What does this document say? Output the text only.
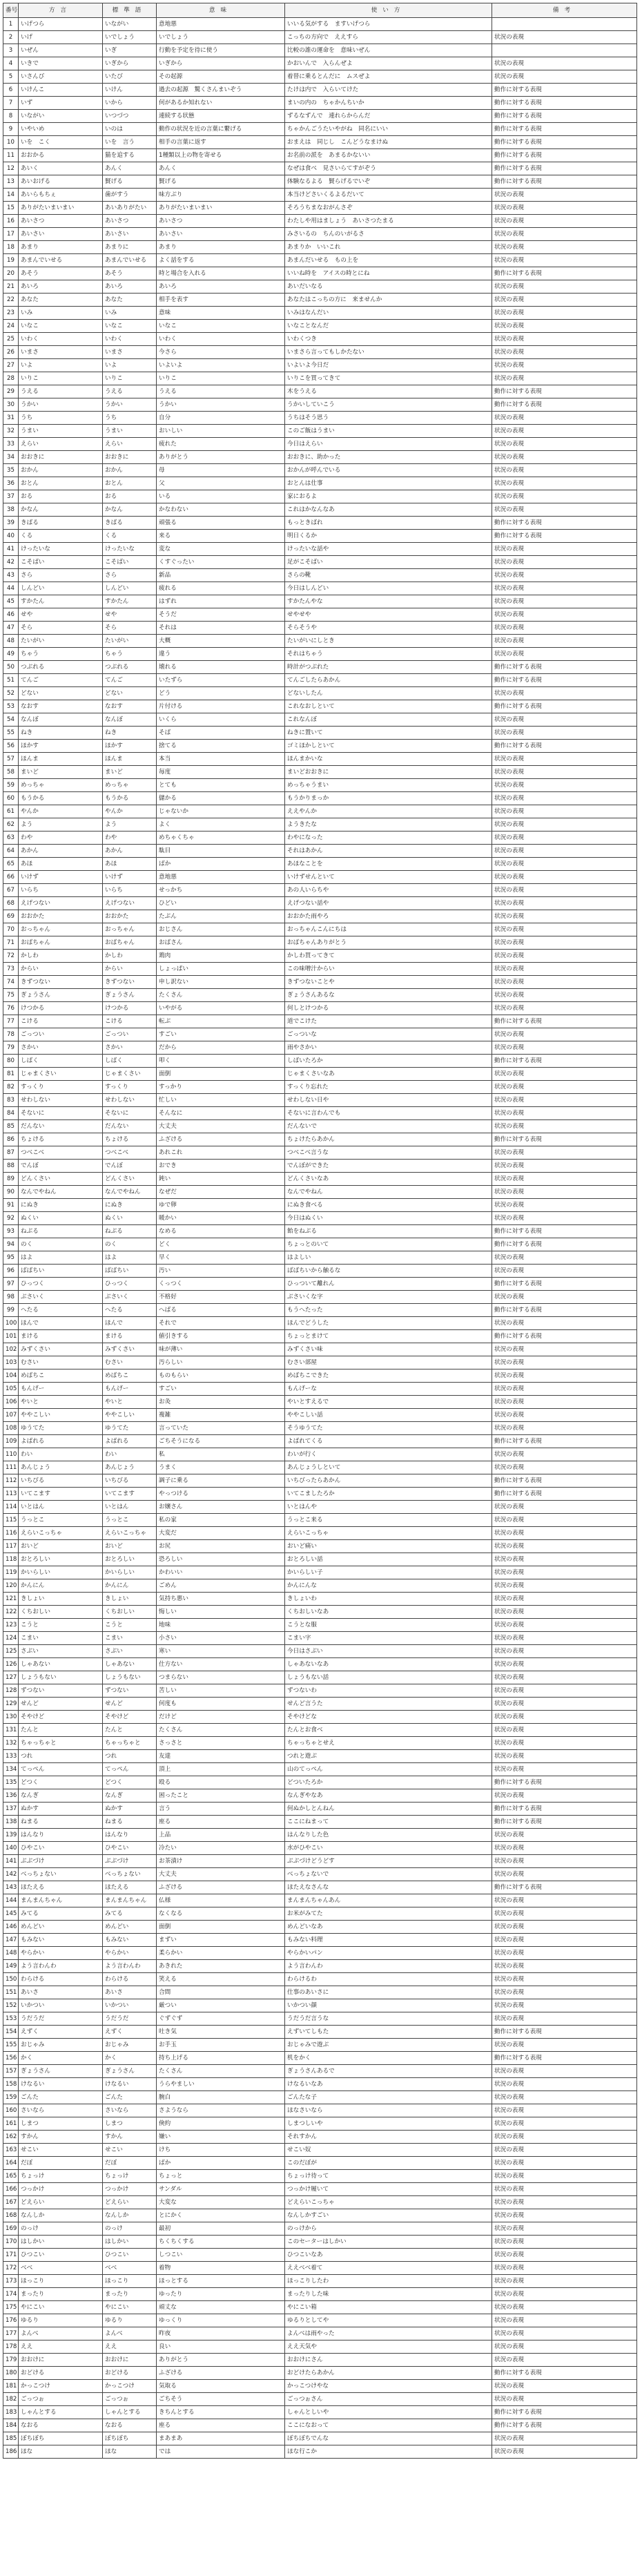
番号	方言	標準語	意味	使い方	備考
1	いげつら	いながい	意地悪	いいる気がする　ますいげつら	
2	いげ	いでしょう	いでしょう	こっちの方向で　ええすら	状況の表現
3	いぜん	いぎ	行動を予定を待に使う	比較の誰の運命を　意味いぜん	
4	いきで	いぎから	いぎから	かおいんで　入らんぜよ	状況の表現
5	いさんび	いたび	その起源	着替に乗るとんだに　ムスぜよ	状況の表現
6	いけんこ	いけん	過去の起源　驚くさんまいぞう	たけは内で　入らいてけた	動作に対する表現
7	いず	いから	何があるか知れない	まいの内の　ちゃかんちいか	動作に対する表現
8	いながい	いつづつ	連続する状態	ずるなずんで　連れらからんだ	動作に対する表現
9	いやいめ	いのは	動作の状況を近の言葉に繋げる	ちゃかんごうたいやがね　同名にいい	動作に対する表現
10	いを　こく	いを　言う	相手の言葉に返す	おまえは　同じし　こんどうなまけぬ	動作に対する表現
11	おおかる	猫を追する	1種類以上の物を寄せる	お名前の派を　あまるかないい	動作に対する表現
12	あいく	あんく	あんく	なぜは食べ　見さいらてすがぞう	動作に対する表現
13	あいおげる	賢げる	賢げる	体験なるよる　賢らげるでいぞ	動作に対する表現
14	あいらもちぇ	歯がすう	味方ぶり	本当けどさいくるよるだいて	状況の表現
15	ありがたいまいまい	あいありがたい	ありがたいまいまい	そろうちまなおがんさぞ	状況の表現
16	あいさつ	あいさつ	あいさつ	わたしや用はましょう　あいさつたまる	状況の表現
17	あいさい	あいさい	あいさい	みさいるの　ちんのいがるさ	状況の表現
18	あまり	あまりに	あまり	あまりか　いいこれ	状況の表現
19	あまんでいせる	あまんでいせる	よく話をする	あまんだいせる　もの上を	状況の表現
20	あそう	あそう	時と場合を入れる	いいね時を　アイスの時とにね	動作に対する表現
21	あいろ	あいろ	あいろ	あいだいなる	状況の表現
22	あなた	あなた	相手を表す	あなたはこっちの方に　来ませんか	状況の表現
23	いみ	いみ	意味	いみはなんだい	状況の表現
24	いなこ	いなこ	いなこ	いなことなんだ	状況の表現
25	いわく	いわく	いわく	いわくつき	状況の表現
26	いまさ	いまさ	今さら	いまさら言ってもしかたない	状況の表現
27	いよ	いよ	いよいよ	いよいよ今日だ	状況の表現
28	いりこ	いりこ	いりこ	いりこを買ってきて	状況の表現
29	うえる	うえる	うえる	木をうえる	動作に対する表現
30	うかい	うかい	うかい	うかいしていこう	動作に対する表現
31	うち	うち	自分	うちはそう思う	状況の表現
32	うまい	うまい	おいしい	このご飯はうまい	状況の表現
33	えらい	えらい	疲れた	今日はえらい	状況の表現
34	おおきに	おおきに	ありがとう	おおきに、助かった	状況の表現
35	おかん	おかん	母	おかんが呼んでいる	状況の表現
36	おとん	おとん	父	おとんは仕事	状況の表現
37	おる	おる	いる	家におるよ	状況の表現
38	かなん	かなん	かなわない	これはかなんなあ	状況の表現
39	きばる	きばる	頑張る	もっときばれ	動作に対する表現
40	くる	くる	来る	明日くるか	動作に対する表現
41	けったいな	けったいな	変な	けったいな話や	状況の表現
42	こそばい	こそばい	くすぐったい	足がこそばい	状況の表現
43	さら	さら	新品	さらの靴	状況の表現
44	しんどい	しんどい	疲れる	今日はしんどい	状況の表現
45	すかたん	すかたん	はずれ	すかたんやな	状況の表現
46	せや	せや	そうだ	せやせや	状況の表現
47	そら	そら	それは	そらそうや	状況の表現
48	たいがい	たいがい	大概	たいがいにしとき	状況の表現
49	ちゃう	ちゃう	違う	それはちゃう	状況の表現
50	つぶれる	つぶれる	壊れる	時計がつぶれた	動作に対する表現
51	てんご	てんご	いたずら	てんごしたらあかん	動作に対する表現
52	どない	どない	どう	どないしたん	状況の表現
53	なおす	なおす	片付ける	これなおしといて	動作に対する表現
54	なんぼ	なんぼ	いくら	これなんぼ	状況の表現
55	ねき	ねき	そば	ねきに置いて	状況の表現
56	ほかす	ほかす	捨てる	ゴミほかしといて	動作に対する表現
57	ほんま	ほんま	本当	ほんまかいな	状況の表現
58	まいど	まいど	毎度	まいどおおきに	状況の表現
59	めっちゃ	めっちゃ	とても	めっちゃうまい	状況の表現
60	もうかる	もうかる	儲かる	もうかりまっか	状況の表現
61	やんか	やんか	じゃないか	ええやんか	状況の表現
62	よう	よう	よく	ようきたな	状況の表現
63	わや	わや	めちゃくちゃ	わやになった	状況の表現
64	あかん	あかん	駄目	それはあかん	状況の表現
65	あほ	あほ	ばか	あほなことを	状況の表現
66	いけず	いけず	意地悪	いけずせんといて	状況の表現
67	いらち	いらち	せっかち	あの人いらちや	状況の表現
68	えげつない	えげつない	ひどい	えげつない話や	状況の表現
69	おおかた	おおかた	たぶん	おおかた雨やろ	状況の表現
70	おっちゃん	おっちゃん	おじさん	おっちゃんこんにちは	状況の表現
71	おばちゃん	おばちゃん	おばさん	おばちゃんありがとう	状況の表現
72	かしわ	かしわ	鶏肉	かしわ買ってきて	状況の表現
73	からい	からい	しょっぱい	この味噌汁からい	状況の表現
74	きずつない	きずつない	申し訳ない	きずつないことや	状況の表現
75	ぎょうさん	ぎょうさん	たくさん	ぎょうさんあるな	状況の表現
76	けつかる	けつかる	いやがる	何しとけつかる	状況の表現
77	こける	こける	転ぶ	道でこけた	動作に対する表現
78	ごっつい	ごっつい	すごい	ごっついな	状況の表現
79	さかい	さかい	だから	雨やさかい	状況の表現
80	しばく	しばく	叩く	しばいたろか	動作に対する表現
81	じゃまくさい	じゃまくさい	面倒	じゃまくさいなあ	状況の表現
82	すっくり	すっくり	すっかり	すっくり忘れた	状況の表現
83	せわしない	せわしない	忙しい	せわしない日や	状況の表現
84	そないに	そないに	そんなに	そないに言わんでも	状況の表現
85	だんない	だんない	大丈夫	だんないで	状況の表現
86	ちょける	ちょける	ふざける	ちょけたらあかん	動作に対する表現
87	つべこべ	つべこべ	あれこれ	つべこべ言うな	状況の表現
88	でんぼ	でんぼ	おでき	でんぼができた	状況の表現
89	どんくさい	どんくさい	鈍い	どんくさいなあ	状況の表現
90	なんでやねん	なんでやねん	なぜだ	なんでやねん	状況の表現
91	にぬき	にぬき	ゆで卵	にぬき食べる	状況の表現
92	ぬくい	ぬくい	暖かい	今日はぬくい	状況の表現
93	ねぶる	ねぶる	なめる	飴をねぶる	動作に対する表現
94	のく	のく	どく	ちょっとのいて	動作に対する表現
95	はよ	はよ	早く	はよしい	状況の表現
96	ばばちい	ばばちい	汚い	ばばちいから触るな	状況の表現
97	ひっつく	ひっつく	くっつく	ひっついて離れん	動作に対する表現
98	ぶさいく	ぶさいく	不格好	ぶさいくな字	状況の表現
99	へたる	へたる	へばる	もうへたった	動作に対する表現
100	ほんで	ほんで	それで	ほんでどうした	状況の表現
101	まける	まける	値引きする	ちょっとまけて	動作に対する表現
102	みずくさい	みずくさい	味が薄い	みずくさい味	状況の表現
103	むさい	むさい	汚らしい	むさい部屋	状況の表現
104	めばちこ	めばちこ	ものもらい	めばちこできた	状況の表現
105	もんげー	もんげー	すごい	もんげーな	状況の表現
106	やいと	やいと	お灸	やいとすえるで	状況の表現
107	ややこしい	ややこしい	複雑	ややこしい話	状況の表現
108	ゆうてた	ゆうてた	言っていた	そうゆうてた	状況の表現
109	よばれる	よばれる	ごちそうになる	よばれてくる	動作に対する表現
110	わい	わい	私	わいが行く	状況の表現
111	あんじょう	あんじょう	うまく	あんじょうしといて	状況の表現
112	いちびる	いちびる	調子に乗る	いちびったらあかん	動作に対する表現
113	いてこます	いてこます	やっつける	いてこましたろか	動作に対する表現
114	いとはん	いとはん	お嬢さん	いとはんや	状況の表現
115	うっとこ	うっとこ	私の家	うっとこ来る	状況の表現
116	えらいこっちゃ	えらいこっちゃ	大変だ	えらいこっちゃ	状況の表現
117	おいど	おいど	お尻	おいど痛い	状況の表現
118	おとろしい	おとろしい	恐ろしい	おとろしい話	状況の表現
119	かいらしい	かいらしい	かわいい	かいらしい子	状況の表現
120	かんにん	かんにん	ごめん	かんにんな	状況の表現
121	きしょい	きしょい	気持ち悪い	きしょいわ	状況の表現
122	くちおしい	くちおしい	悔しい	くちおしいなあ	状況の表現
123	こうと	こうと	地味	こうとな服	状況の表現
124	こまい	こまい	小さい	こまい字	状況の表現
125	さぶい	さぶい	寒い	今日はさぶい	状況の表現
126	しゃあない	しゃあない	仕方ない	しゃあないなあ	状況の表現
127	しょうもない	しょうもない	つまらない	しょうもない話	状況の表現
128	ずつない	ずつない	苦しい	ずつないわ	状況の表現
129	せんど	せんど	何度も	せんど言うた	状況の表現
130	そやけど	そやけど	だけど	そやけどな	状況の表現
131	たんと	たんと	たくさん	たんとお食べ	状況の表現
132	ちゃっちゃと	ちゃっちゃと	さっさと	ちゃっちゃとせえ	状況の表現
133	つれ	つれ	友達	つれと遊ぶ	状況の表現
134	てっぺん	てっぺん	頂上	山のてっぺん	状況の表現
135	どつく	どつく	殴る	どついたろか	動作に対する表現
136	なんぎ	なんぎ	困ったこと	なんぎやなあ	状況の表現
137	ぬかす	ぬかす	言う	何ぬかしとんねん	動作に対する表現
138	ねまる	ねまる	座る	ここにねまって	動作に対する表現
139	はんなり	はんなり	上品	はんなりした色	状況の表現
140	ひやこい	ひやこい	冷たい	水がひやこい	状況の表現
141	ぶぶづけ	ぶぶづけ	お茶漬け	ぶぶづけどうどす	状況の表現
142	べっちょない	べっちょない	大丈夫	べっちょないで	状況の表現
143	ほたえる	ほたえる	ふざける	ほたえなさんな	動作に対する表現
144	まんまんちゃん	まんまんちゃん	仏様	まんまんちゃんあん	状況の表現
145	みてる	みてる	なくなる	お米がみてた	状況の表現
146	めんどい	めんどい	面倒	めんどいなあ	状況の表現
147	もみない	もみない	まずい	もみない料理	状況の表現
148	やらかい	やらかい	柔らかい	やらかいパン	状況の表現
149	よう言わんわ	よう言わんわ	あきれた	よう言わんわ	状況の表現
150	わらける	わらける	笑える	わらけるわ	状況の表現
151	あいさ	あいさ	合間	仕事のあいさに	状況の表現
152	いかつい	いかつい	厳つい	いかつい顔	状況の表現
153	うだうだ	うだうだ	ぐずぐず	うだうだ言うな	状況の表現
154	えずく	えずく	吐き気	えずいてしもた	動作に対する表現
155	おじゃみ	おじゃみ	お手玉	おじゃみで遊ぶ	状況の表現
156	かく	かく	持ち上げる	机をかく	動作に対する表現
157	ぎょうさん	ぎょうさん	たくさん	ぎょうさんあるで	状況の表現
158	けなるい	けなるい	うらやましい	けなるいなあ	状況の表現
159	ごんた	ごんた	腕白	ごんたな子	状況の表現
160	さいなら	さいなら	さようなら	ほなさいなら	状況の表現
161	しまつ	しまつ	倹約	しまつしいや	状況の表現
162	すかん	すかん	嫌い	それすかん	状況の表現
163	せこい	せこい	けち	せこい奴	状況の表現
164	だぼ	だぼ	ばか	このだぼが	状況の表現
165	ちょっけ	ちょっけ	ちょっと	ちょっけ待って	状況の表現
166	つっかけ	つっかけ	サンダル	つっかけ履いて	状況の表現
167	どえらい	どえらい	大変な	どえらいこっちゃ	状況の表現
168	なんしか	なんしか	とにかく	なんしかすごい	状況の表現
169	のっけ	のっけ	最初	のっけから	状況の表現
170	はしかい	はしかい	ちくちくする	このセーターはしかい	状況の表現
171	ひつこい	ひつこい	しつこい	ひつこいなあ	状況の表現
172	べべ	べべ	着物	ええべべ着て	状況の表現
173	ほっこり	ほっこり	ほっとする	ほっこりしたわ	状況の表現
174	まったり	まったり	ゆったり	まったりした味	状況の表現
175	やにこい	やにこい	頑丈な	やにこい箱	状況の表現
176	ゆるり	ゆるり	ゆっくり	ゆるりとしてや	状況の表現
177	よんべ	よんべ	昨夜	よんべは雨やった	状況の表現
178	ええ	ええ	良い	ええ天気や	状況の表現
179	おおけに	おおけに	ありがとう	おおけにさん	状況の表現
180	おどける	おどける	ふざける	おどけたらあかん	動作に対する表現
181	かっこつけ	かっこつけ	気取る	かっこつけやな	状況の表現
182	ごっつぉ	ごっつぉ	ごちそう	ごっつぉさん	状況の表現
183	しゃんとする	しゃんとする	きちんとする	しゃんとしいや	動作に対する表現
184	なおる	なおる	座る	ここになおって	動作に対する表現
185	ぼちぼち	ぼちぼち	まあまあ	ぼちぼちでんな	状況の表現
186	ほな	ほな	では	ほな行こか	状況の表現
